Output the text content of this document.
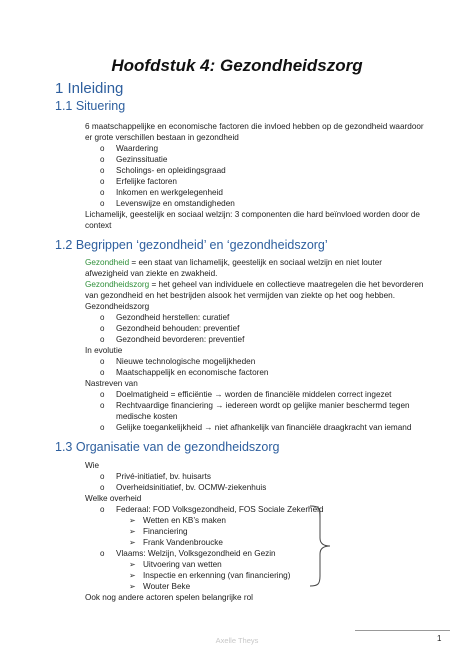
Hoofdstuk 4: Gezondheidszorg
1 Inleiding
1.1 Situering
6 maatschappelijke en economische factoren die invloed hebben op de gezondheid waardoor
er grote verschillen bestaan in gezondheid
o Waardering
o Gezinssituatie
o Scholings- en opleidingsgraad
o Erfelijke factoren
o Inkomen en werkgelegenheid
o Levenswijze en omstandigheden
Lichamelijk, geestelijk en sociaal welzijn: 3 componenten die hard beïnvloed worden door de
context
1.2 Begrippen ‘gezondheid’ en ‘gezondheidszorg’
Gezondheid = een staat van lichamelijk, geestelijk en sociaal welzijn en niet louter
afwezigheid van ziekte en zwakheid.
Gezondheidszorg = het geheel van individuele en collectieve maatregelen die het bevorderen
van gezondheid en het bestrijden alsook het vermijden van ziekte op het oog hebben.
Gezondheidszorg
o Gezondheid herstellen: curatief
o Gezondheid behouden: preventief
o Gezondheid bevorderen: preventief
In evolutie
o Nieuwe technologische mogelijkheden
o Maatschappelijk en economische factoren
Nastreven van
o Doelmatigheid = efficiëntie → worden de financiële middelen correct ingezet
o Rechtvaardige financiering → iedereen wordt op gelijke manier beschermd tegen
medische kosten
o Gelijke toegankelijkheid → niet afhankelijk van financiële draagkracht van iemand
1.3 Organisatie van de gezondheidszorg
Wie
o Privé-initiatief, bv. huisarts
o Overheidsinitiatief, bv. OCMW-ziekenhuis
Welke overheid
o Federaal: FOD Volksgezondheid, FOS Sociale Zekerheid
➢ Wetten en KB’s maken
➢ Financiering
➢ Frank Vandenbroucke
o Vlaams: Welzijn, Volksgezondheid en Gezin
➢ Uitvoering van wetten
➢ Inspectie en erkenning (van financiering)
➢ Wouter Beke
Ook nog andere actoren spelen belangrijke rol
Axelle Theys	1
